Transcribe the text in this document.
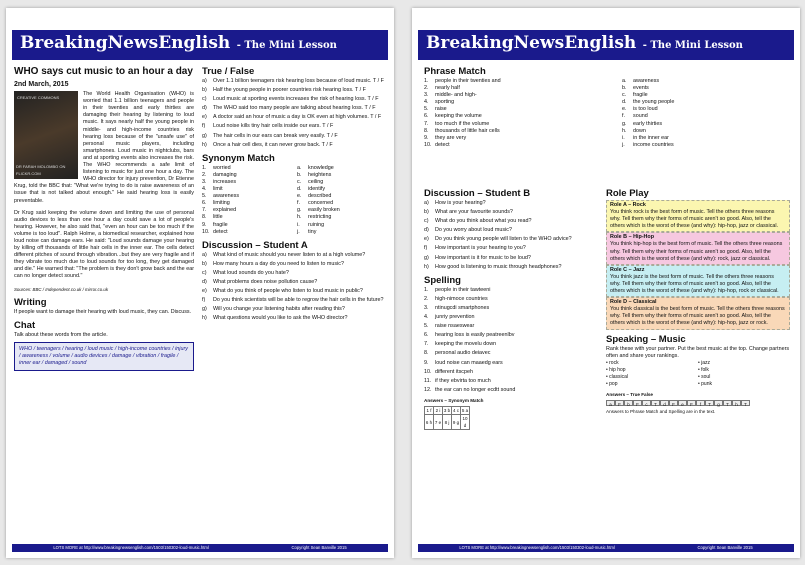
BreakingNewsEnglish - The Mini Lesson
WHO says cut music to an hour a day
2nd March, 2015
CREATIVE COMMONS
DR FARAH MOLOMBO ON FLICKR.COM

The World Health Organisation (WHO) is worried that 1.1 billion teenagers and people in their twenties and early thirties are damaging their hearing by listening to loud music. It says nearly half the young people in middle- and high-income countries risk hearing loss because of the "unsafe use" of personal music players, including smartphones. Loud music in nightclubs, bars and at sporting events also increases the risk. The WHO recommends a safe limit of listening to music for just one hour a day. The WHO director for injury prevention, Dr Etienne Krug, told the BBC that: "What we're trying to do is raise awareness of an issue that is not talked about enough." He said hearing loss is easily preventable.

Dr Krug said keeping the volume down and limiting the use of personal audio devices to less than one hour a day could save a lot of people's hearing. However, he also said that, "even an hour can be too much if the volume is too loud". Ralph Holme, a biomedical researcher, explained how loud noise can damage ears. He said: "Loud sounds damage your hearing by killing off thousands of little hair cells in the inner ear. The cells detect different pitches of sound through vibration...but they are very fragile and if they vibrate too much due to loud sounds for too long, they get damaged and die." He warned that: "The problem is they don't grow back and the ear can no longer detect sound."

Sources: BBC / Independent.co.uk / mirror.co.uk
Writing
If people want to damage their hearing with loud music, they can. Discuss.
Chat
Talk about these words from the article.
WHO / teenagers / hearing / loud music / high-income countries / injury / awareness / volume / audio devices / damage / vibration / fragile / inner ear / damaged / sound
True / False
a)	Over 1.1 billion teenagers risk hearing loss because of loud music. T / F
b)	Half the young people in poorer countries risk hearing loss. T / F
c)	Loud music at sporting events increases the risk of hearing loss. T / F
d)	The WHO said too many people are talking about hearing loss. T / F
e)	A doctor said an hour of music a day is OK even at high volumes. T / F
f)	Loud noise kills tiny hair cells inside our ears. T / F
g)	The hair cells in our ears can break very easily. T / F
h)	Once a hair cell dies, it can never grow back. T / F
Synonym Match
1.	worried	a.	knowledge
2.	damaging	b.	heightens
3.	increases	c.	ceiling
4.	limit	d.	identify
5.	awareness	e.	described
6.	limiting	f.	concerned
7.	explained	g.	easily broken
8.	little	h.	restricting
9.	fragile	i.	ruining
10. detect	j.	tiny
Discussion – Student A
a)	What kind of music should you never listen to at a high volume?
b)	How many hours a day do you need to listen to music?
c)	What loud sounds do you hate?
d)	What problems does noise pollution cause?
e)	What do you think of people who listen to loud music in public?
f)	Do you think scientists will be able to regrow the hair cells in the future?
g)	Will you change your listening habits after reading this?
h)	What questions would you like to ask the WHO director?
LOTS MORE at http://www.breakingnewsenglish.com/1503/150302-loud-music.html	Copyright Sean Banville 2015
BreakingNewsEnglish - The Mini Lesson
Phrase Match
1.	people in their twenties and	a.	awareness
2.	nearly half	b.	events
3.	middle- and high-	c.	fragile
4.	sporting	d.	the young people
5.	raise	e.	is too loud
6.	keeping the volume	f.	sound
7.	too much if the volume	g.	early thirties
8.	thousands of little hair cells	h.	down
9.	they are very	i.	in the inner ear
10. detect	j.	income countries
Discussion – Student B
a)	How is your hearing?
b)	What are your favourite sounds?
c)	What do you think about what you read?
d)	Do you worry about loud music?
e)	Do you think young people will listen to the WHO advice?
f)	How important is your hearing to you?
g)	How important is it for music to be loud?
h)	How good is listening to music through headphones?
Spelling
1.	people in their tawteeni
2.	high-nimoce countries
3.	ntinugcdi smartphones
4.	junriy prevention
5.	raise nsaeswear
6.	hearing loss is easily peatreenlbv
7.	keeping the movelu down
8.	personal audio deiavec
9.	loud noise can maaedg ears
10. different itscpeh
11. if they ebvirta too much
12. the ear can no longer ecdtt sound
Answers – Synonym Match
1 f	2 i	3 b	4 c	5 a
6 h	7 e	8 j	9 g	10 d
Role Play
Role A – Rock
You think rock is the best form of music. Tell the others three reasons why. Tell them why their forms of music aren't so good. Also, tell the others which is the worst of these (and why): hip-hop, jazz or classical.
Role B – Hip-Hop
You think hip-hop is the best form of music. Tell the others three reasons why. Tell them why their forms of music aren't so good. Also, tell the others which is the worst of these (and why): rock, jazz or classical.
Role C – Jazz
You think jazz is the best form of music. Tell the others three reasons why. Tell them why their forms of music aren't so good. Also, tell the others which is the worst of these (and why): hip-hop, rock or classical.
Role D – Classical
You think classical is the best form of music. Tell the others three reasons why. Tell them why their forms of music aren't so good. Also, tell the others which is the worst of these (and why): hip-hop, jazz or rock.
Speaking – Music
Rank these with your partner. Put the best music at the top. Change partners often and share your rankings.
• rock	• jazz
• hip hop	• folk
• classical	• soul
• pop	• punk
Answers – True False
a	F	b	F	c	T	d	F	e	F	f	T	g	T	h	T
Answers to Phrase Match and Spelling are in the text.
LOTS MORE at http://www.breakingnewsenglish.com/1503/150302-loud-music.html	Copyright Sean Banville 2015
